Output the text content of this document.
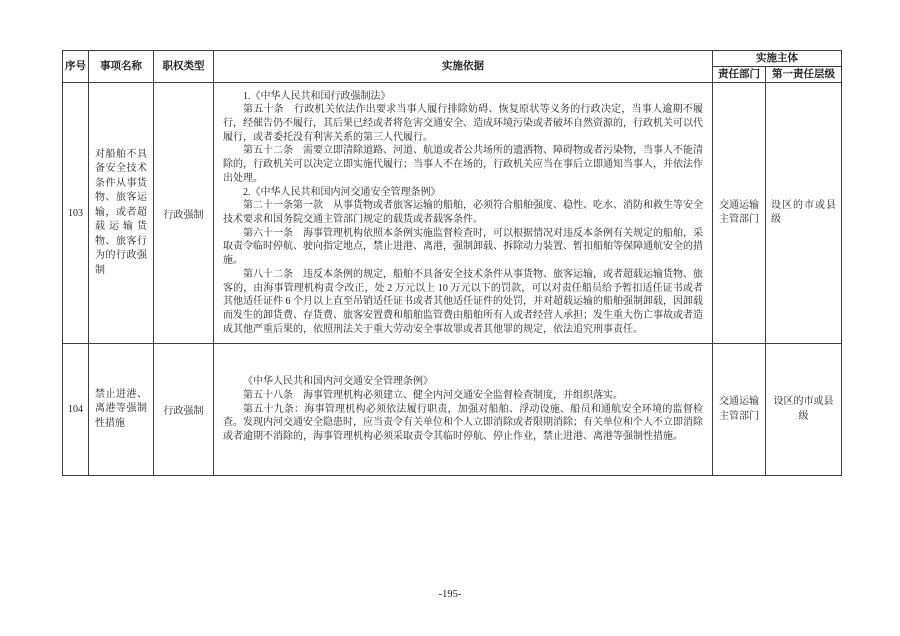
序号	事项名称	职权类型	实施依据	实施主体	
				责任部门	第一责任层级
103	对船舶不具备安全技术条件从事货物、旅客运输，或者超载运输货物、旅客行为的行政强制	行政强制	

1.《中华人民共和国行政强制法》

第五十条　行政机关依法作出要求当事人履行排除妨碍、恢复原状等义务的行政决定，当事人逾期不履行，经催告仍不履行，其后果已经或者将危害交通安全、造成环境污染或者破坏自然资源的，行政机关可以代履行，或者委托没有利害关系的第三人代履行。

第五十二条　需要立即清除道路、河道、航道或者公共场所的遗洒物、障碍物或者污染物，当事人不能清除的，行政机关可以决定立即实施代履行；当事人不在场的，行政机关应当在事后立即通知当事人，并依法作出处理。

2.《中华人民共和国内河交通安全管理条例》

第二十一条第一款　从事货物或者旅客运输的船舶，必须符合船舶强度、稳性、吃水、消防和救生等安全技术要求和国务院交通主管部门规定的载货或者载客条件。

第六十一条　海事管理机构依照本条例实施监督检查时，可以根据情况对违反本条例有关规定的船舶，采取责令临时停航、驶向指定地点，禁止进港、离港，强制卸载、拆除动力装置、暂扣船舶等保障通航安全的措施。

第八十二条　违反本条例的规定，船舶不具备安全技术条件从事货物、旅客运输，或者超载运输货物、旅客的，由海事管理机构责令改正，处 2 万元以上 10 万元以下的罚款，可以对责任船员给予暂扣适任证书或者其他适任证件 6 个月以上直至吊销适任证书或者其他适任证件的处罚，并对超载运输的船舶强制卸载，因卸载而发生的卸货费、存货费、旅客安置费和船舶监管费由船舶所有人或者经营人承担；发生重大伤亡事故或者造成其他严重后果的，依照刑法关于重大劳动安全事故罪或者其他罪的规定，依法追究刑事责任。

	交通运输主管部门	设区的市或县级
104	禁止进港、离港等强制性措施	行政强制	《中华人民共和国内河交通安全管理条例》

第五十八条　海事管理机构必须建立、健全内河交通安全监督检查制度，并组织落实。

第五十九条：海事管理机构必须依法履行职责，加强对船舶、浮动设施、船员和通航安全环境的监督检查。发现内河交通安全隐患时，应当责令有关单位和个人立即消除或者限期消除；有关单位和个人不立即消除或者逾期不消除的，海事管理机构必须采取责令其临时停航、停止作业，禁止进港、离港等强制性措施。	交通运输主管部门	设区的市或县级
-195-
